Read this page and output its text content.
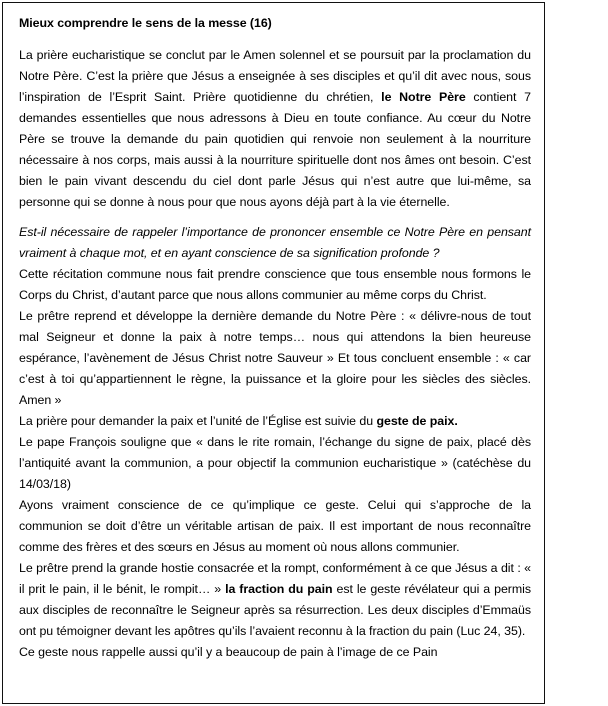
Mieux comprendre le sens de la messe (16)

La prière eucharistique se conclut par le Amen solennel et se poursuit par la proclamation du Notre Père. C’est la prière que Jésus a enseignée à ses disciples et qu’il dit avec nous, sous l’inspiration de l’Esprit Saint. Prière quotidienne du chrétien, le Notre Père contient 7 demandes essentielles que nous adressons à Dieu en toute confiance. Au cœur du Notre Père se trouve la demande du pain quotidien qui renvoie non seulement à la nourriture nécessaire à nos corps, mais aussi à la nourriture spirituelle dont nos âmes ont besoin. C’est bien le pain vivant descendu du ciel dont parle Jésus qui n’est autre que lui-même, sa personne qui se donne à nous pour que nous ayons déjà part à la vie éternelle.

Est-il nécessaire de rappeler l’importance de prononcer ensemble ce Notre Père en pensant vraiment à chaque mot, et en ayant conscience de sa signification profonde ?

Cette récitation commune nous fait prendre conscience que tous ensemble nous formons le Corps du Christ, d’autant parce que nous allons communier au même corps du Christ.

Le prêtre reprend et développe la dernière demande du Notre Père : « délivre-nous de tout mal Seigneur et donne la paix à notre temps… nous qui attendons la bien heureuse espérance, l’avènement de Jésus Christ notre Sauveur » Et tous concluent ensemble : « car c’est à toi qu’appartiennent le règne, la puissance et la gloire pour les siècles des siècles. Amen »

La prière pour demander la paix et l’unité de l’Église est suivie du geste de paix.

Le pape François souligne que « dans le rite romain, l’échange du signe de paix, placé dès l’antiquité avant la communion, a pour objectif la communion eucharistique » (catéchèse du 14/03/18)

Ayons vraiment conscience de ce qu’implique ce geste. Celui qui s’approche de la communion se doit d’être un véritable artisan de paix. Il est important de nous reconnaître comme des frères et des sœurs en Jésus au moment où nous allons communier.

Le prêtre prend la grande hostie consacrée et la rompt, conformément à ce que Jésus a dit : « il prit le pain, il le bénit, le rompit… » la fraction du pain est le geste révélateur qui a permis aux disciples de reconnaître le Seigneur après sa résurrection. Les deux disciples d’Emmaüs ont pu témoigner devant les apôtres qu’ils l’avaient reconnu à la fraction du pain (Luc 24, 35).

Ce geste nous rappelle aussi qu’il y a beaucoup de pain à l’image de ce Pain
